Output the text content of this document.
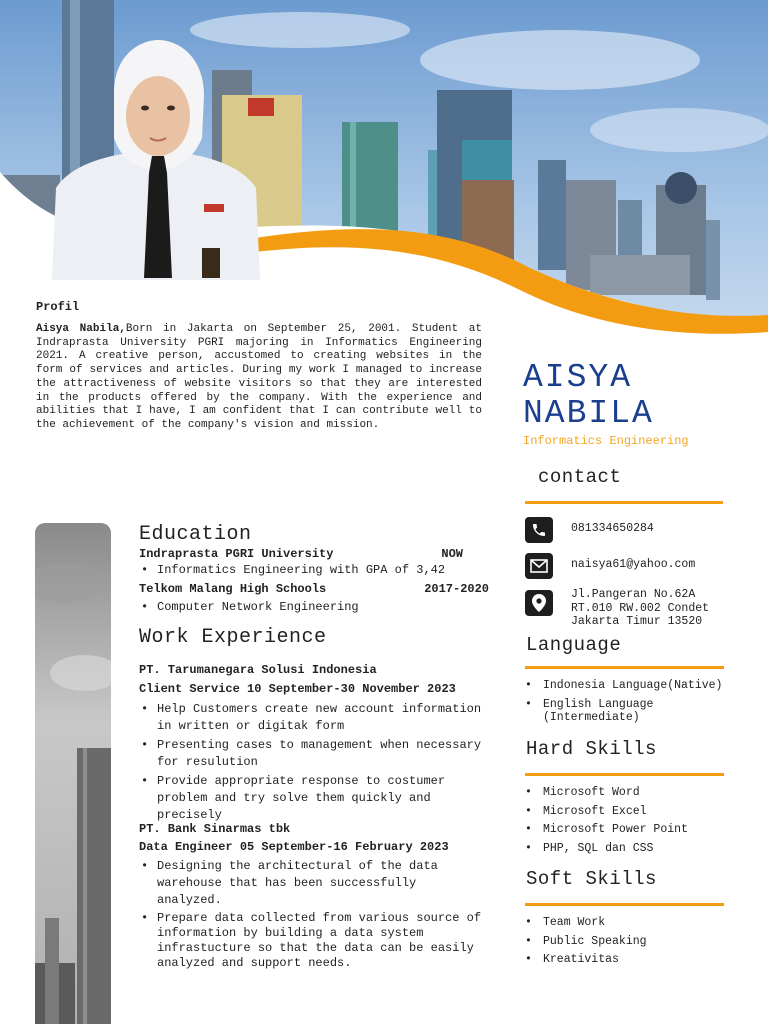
Profil

Aisya Nabila,Born in Jakarta on September 25, 2001. Student at Indraprasta University PGRI majoring in Informatics Engineering 2021. A creative person, accustomed to creating websites in the form of services and articles. During my work I managed to increase the attractiveness of website visitors so that they are interested in the products offered by the company. With the experience and abilities that I have, I am confident that I can contribute well to the achievement of the company's vision and mission.

AISYA
NABILA
Informatics Engineering
contact
081334650284
naisya61@yahoo.com
Jl.Pangeran No.62A
RT.010 RW.002 Condet
Jakarta Timur 13520
Language
• Indonesia Language(Native)
• English Language
(Intermediate)
Hard Skills
• Microsoft Word
• Microsoft Excel
• Microsoft Power Point
• PHP, SQL dan CSS
Soft Skills
• Team Work
• Public Speaking
• Kreativitas
Education
Indraprasta PGRI University	NOW
• Informatics Engineering with GPA of 3,42
Telkom Malang High Schools	2017-2020
• Computer Network Engineering
Work Experience
PT. Tarumanegara Solusi Indonesia
Client Service 10 September-30 November 2023
• Help Customers create new account information in written or digitak form
• Presenting cases to management when necessary for resulution
• Provide appropriate response to costumer problem and try solve them quickly and precisely
PT. Bank Sinarmas tbk
Data Engineer 05 September-16 February 2023
• Designing the architectural of the data warehouse that has been successfully analyzed.
• Prepare data collected from various source of information by building a data system infrastucture so that the data can be easily analyzed and support needs.
